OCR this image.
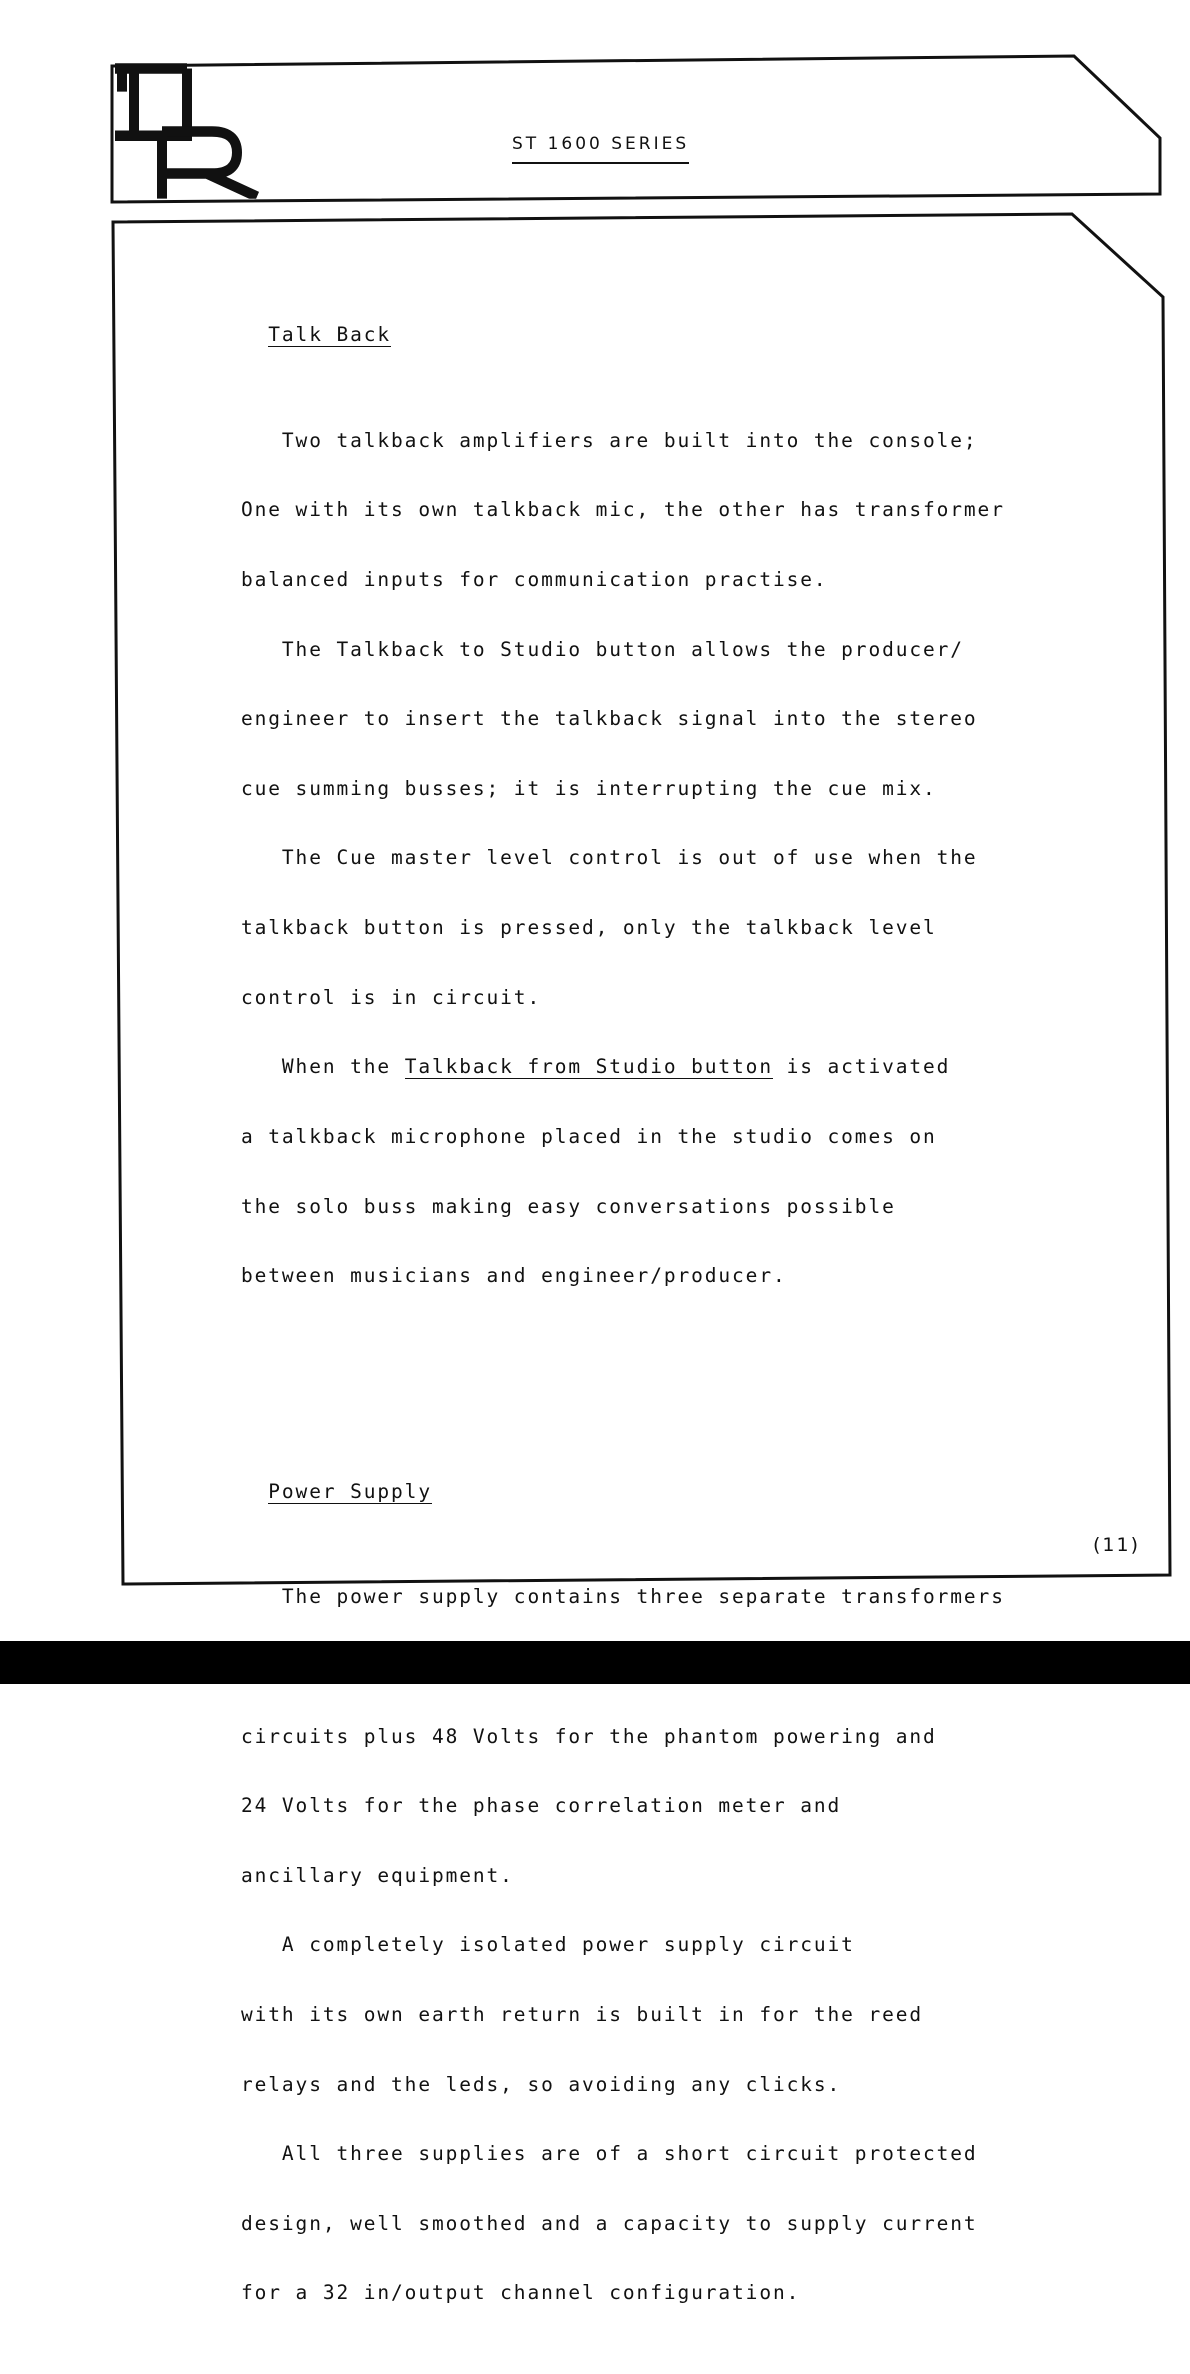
ST 1600 SERIES

Talk Back

Two talkback amplifiers are built into the console;

One with its own talkback mic, the other has transformer

balanced inputs for communication practise.

The Talkback to Studio button allows the producer/

engineer to insert the talkback signal into the stereo

cue summing busses; it is interrupting the cue mix.

The Cue master level control is out of use when the

talkback button is pressed, only the talkback level

control is in circuit.

When the Talkback from Studio button is activated

a talkback microphone placed in the studio comes on

the solo buss making easy conversations possible

between musicians and engineer/producer.

Power Supply

The power supply contains three separate transformers

circuits plus 48 Volts for the phantom powering and

24 Volts for the phase correlation meter and

ancillary equipment.

A completely isolated power supply circuit

with its own earth return is built in for the reed

relays and the leds, so avoiding any clicks.

All three supplies are of a short circuit protected

design, well smoothed and a capacity to supply current

for a 32 in/output channel configuration.

(11)
